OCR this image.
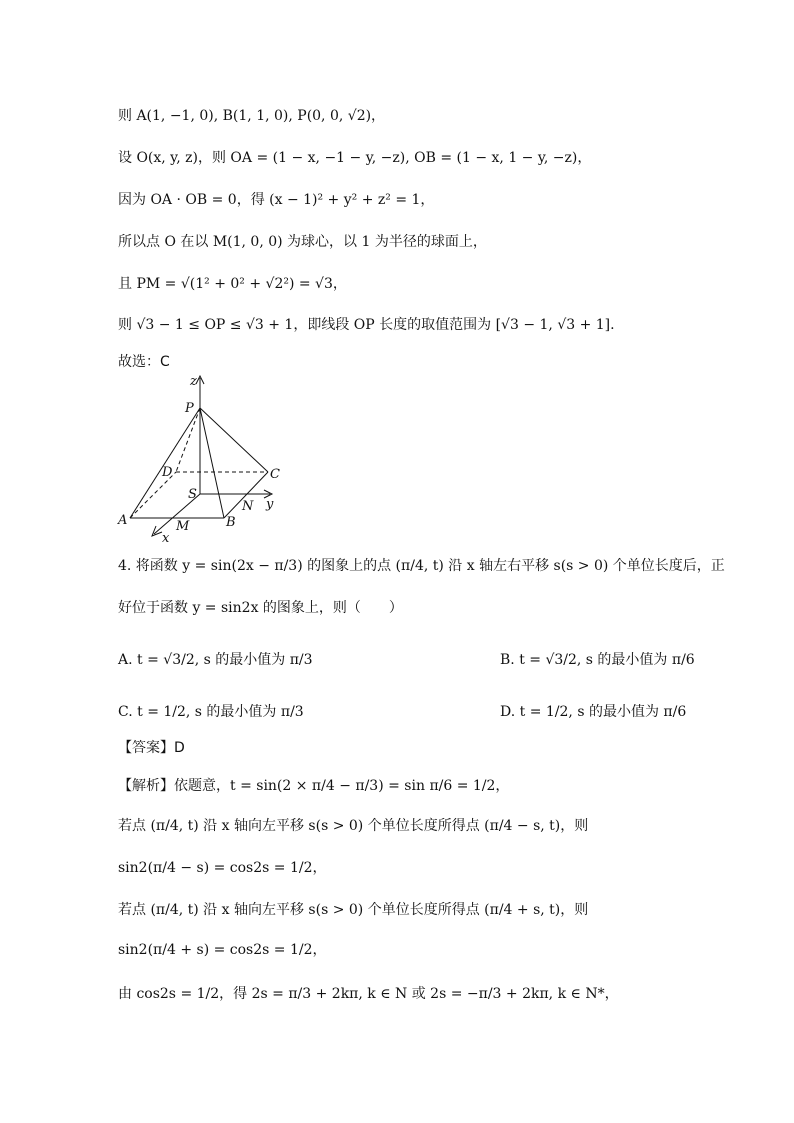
则 A(1, −1, 0), B(1, 1, 0), P(0, 0, √2)，
设 O(x, y, z)，则 OA = (1 − x, −1 − y, −z), OB = (1 − x, 1 − y, −z)，
因为 OA · OB = 0，得 (x − 1)² + y² + z² = 1，
所以点 O 在以 M(1, 0, 0) 为球心，以 1 为半径的球面上，
且 PM = √(1² + 0² + √2²) = √3，
则 √3 − 1 ≤ OP ≤ √3 + 1，即线段 OP 长度的取值范围为 [√3 − 1, √3 + 1].
故选：C
z
P
D	C
S
N y
A	M	B
x
4. 将函数 y = sin(2x − π/3) 的图象上的点 (π/4, t) 沿 x 轴左右平移 s(s > 0) 个单位长度后，正
好位于函数 y = sin2x 的图象上，则（　　）
A. t = √3/2, s 的最小值为 π/3	B. t = √3/2, s 的最小值为 π/6
C. t = 1/2, s 的最小值为 π/3	D. t = 1/2, s 的最小值为 π/6
【答案】D
【解析】依题意，t = sin(2 × π/4 − π/3) = sin π/6 = 1/2，
若点 (π/4, t) 沿 x 轴向左平移 s(s > 0) 个单位长度所得点 (π/4 − s, t)，则
sin2(π/4 − s) = cos2s = 1/2，
若点 (π/4, t) 沿 x 轴向左平移 s(s > 0) 个单位长度所得点 (π/4 + s, t)，则
sin2(π/4 + s) = cos2s = 1/2，
由 cos2s = 1/2，得 2s = π/3 + 2kπ, k ∈ N 或 2s = −π/3 + 2kπ, k ∈ N*，
